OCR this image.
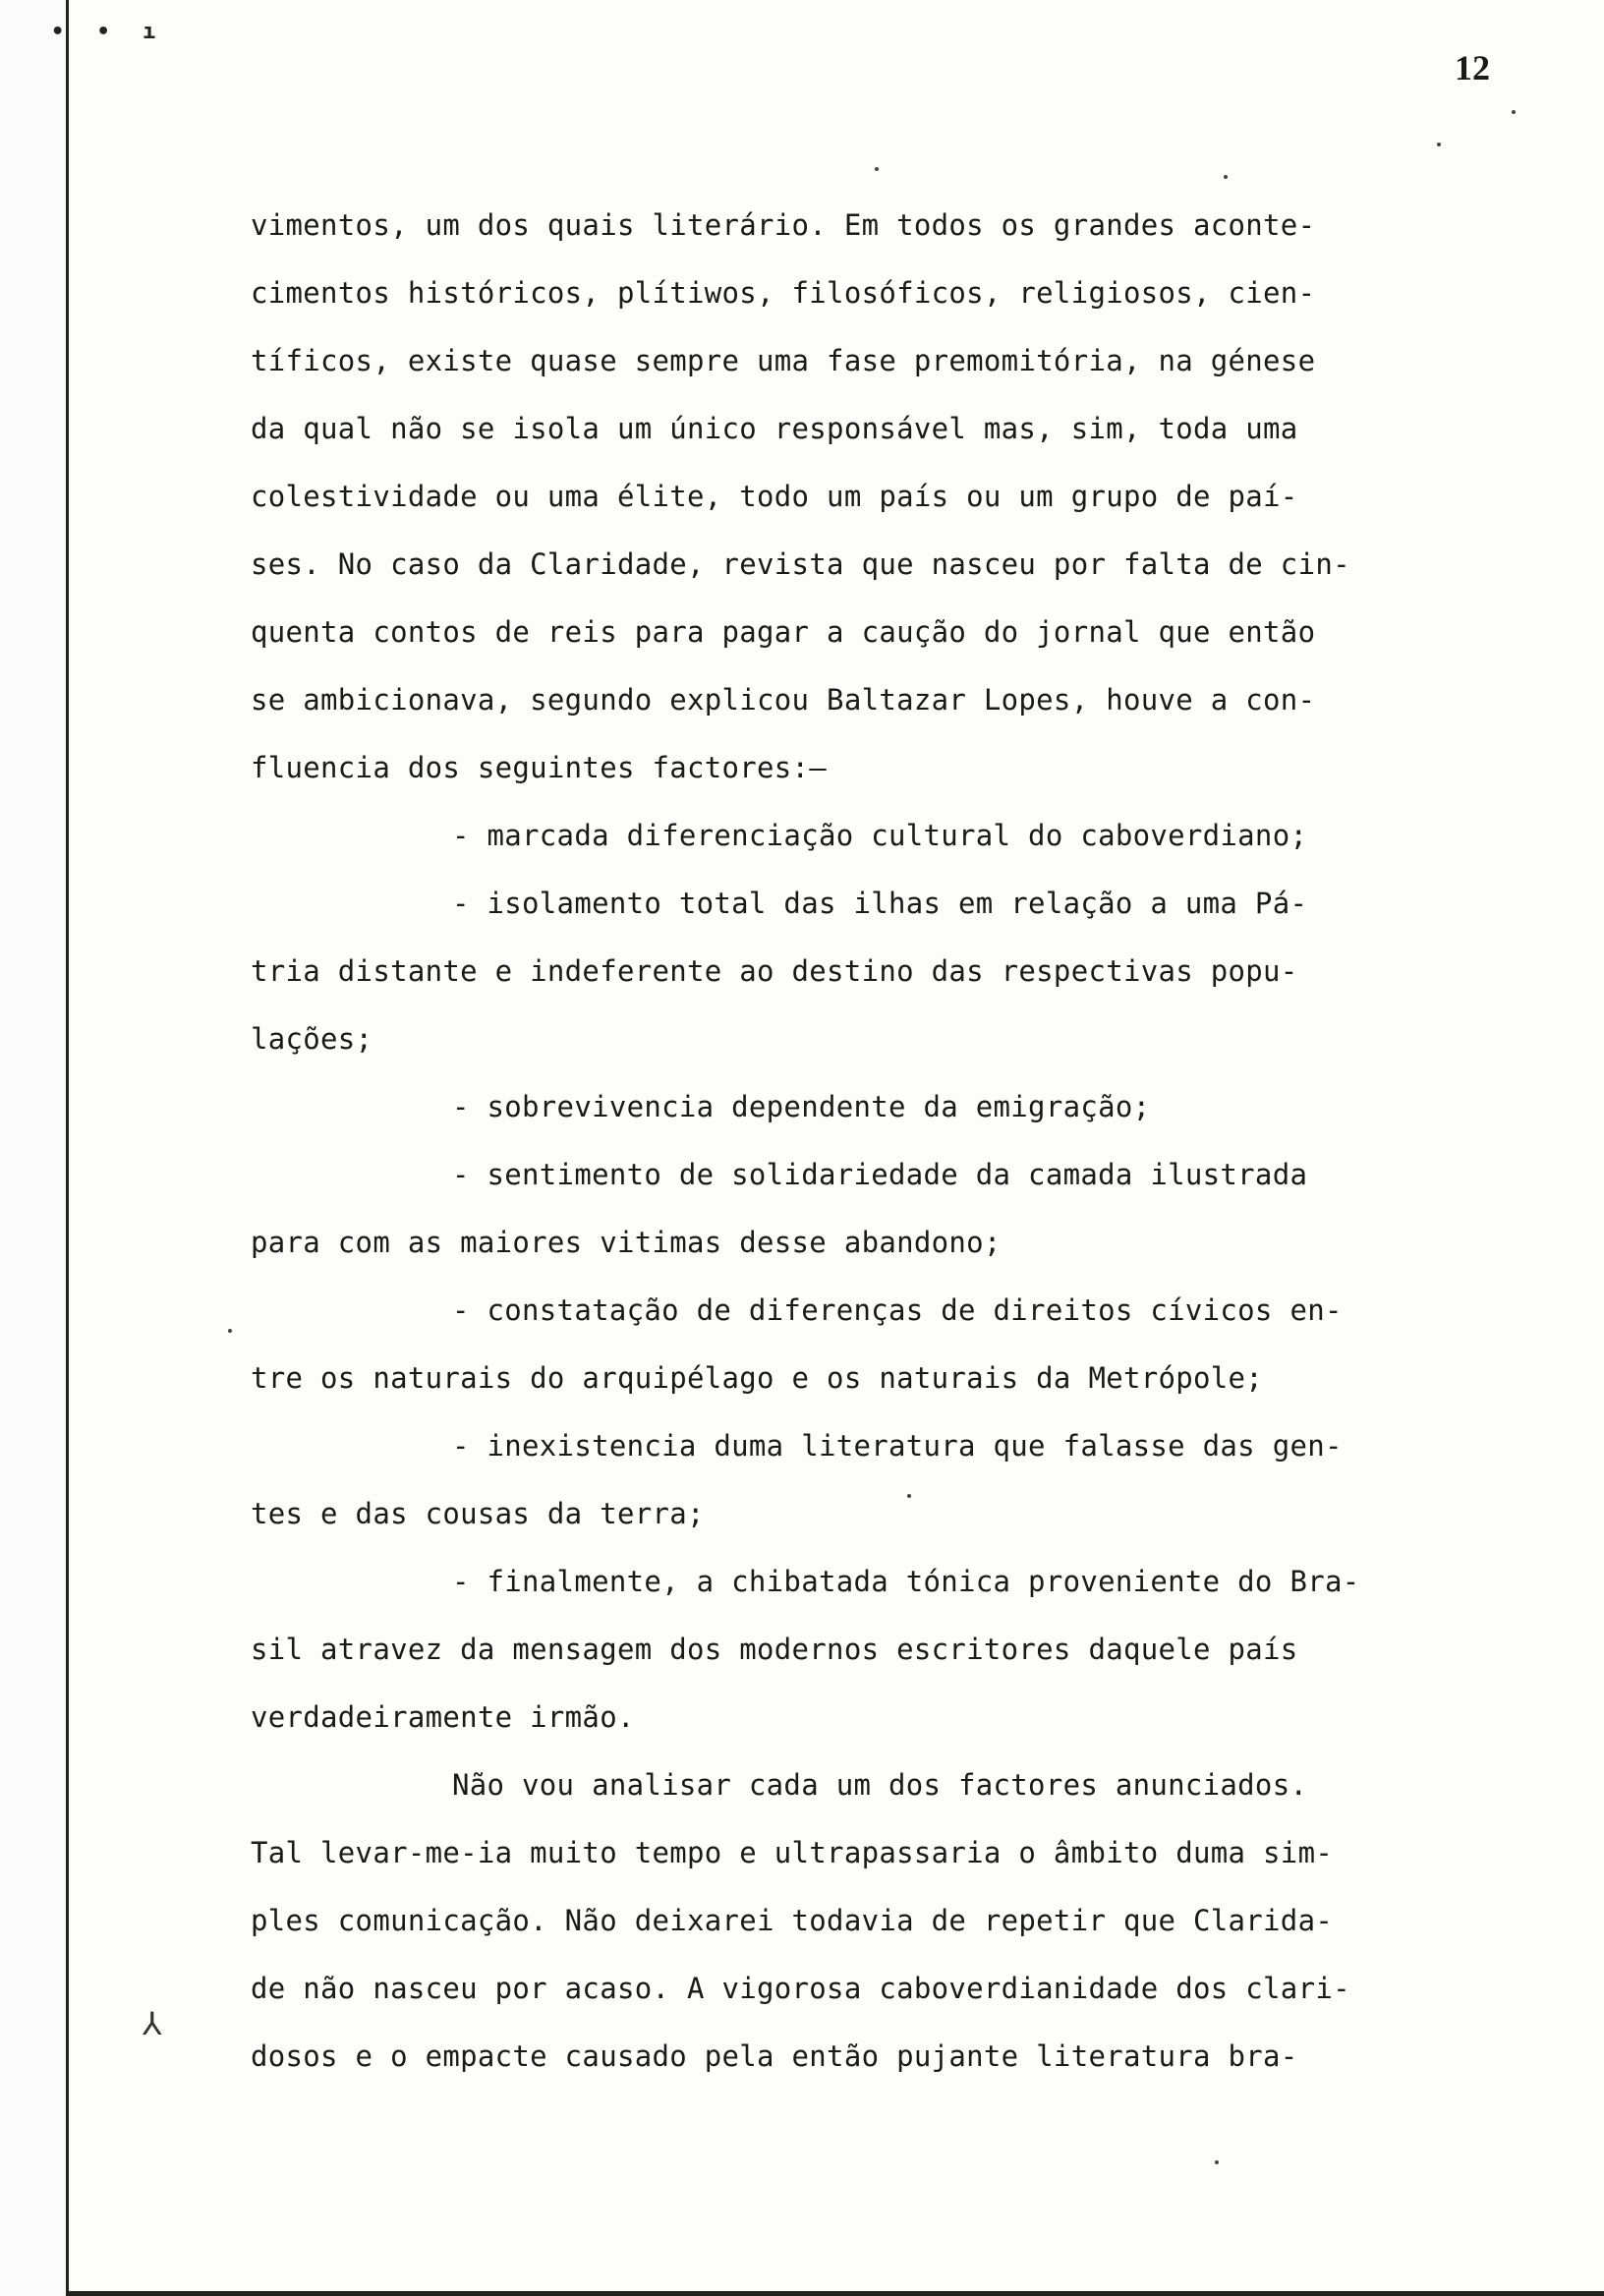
• • ı
12
vimentos, um dos quais literário. Em todos os grandes aconte-
cimentos históricos, plítiwos, filosóficos, religiosos, cien-
tíficos, existe quase sempre uma fase premomitória, na génese
da qual não se isola um único responsável mas, sim, toda uma
colestividade ou uma élite, todo um país ou um grupo de paí-
ses. No caso da Claridade, revista que nasceu por falta de cin-
quenta contos de reis para pagar a caução do jornal que então
se ambicionava, segundo explicou Baltazar Lopes, houve a con-
fluencia dos seguintes factores:—
- marcada diferenciação cultural do caboverdiano;
- isolamento total das ilhas em relação a uma Pá-
tria distante e indeferente ao destino das respectivas popu-
lações;
- sobrevivencia dependente da emigração;
- sentimento de solidariedade da camada ilustrada
para com as maiores vitimas desse abandono;
- constatação de diferenças de direitos cívicos en-
tre os naturais do arquipélago e os naturais da Metrópole;
- inexistencia duma literatura que falasse das gen-
tes e das cousas da terra;
- finalmente, a chibatada tónica proveniente do Bra-
sil atravez da mensagem dos modernos escritores daquele país
verdadeiramente irmão.
Não vou analisar cada um dos factores anunciados.
Tal levar-me-ia muito tempo e ultrapassaria o âmbito duma sim-
ples comunicação. Não deixarei todavia de repetir que Clarida-
de não nasceu por acaso. A vigorosa caboverdianidade dos clari-
dosos e o empacte causado pela então pujante literatura bra-
⅄
